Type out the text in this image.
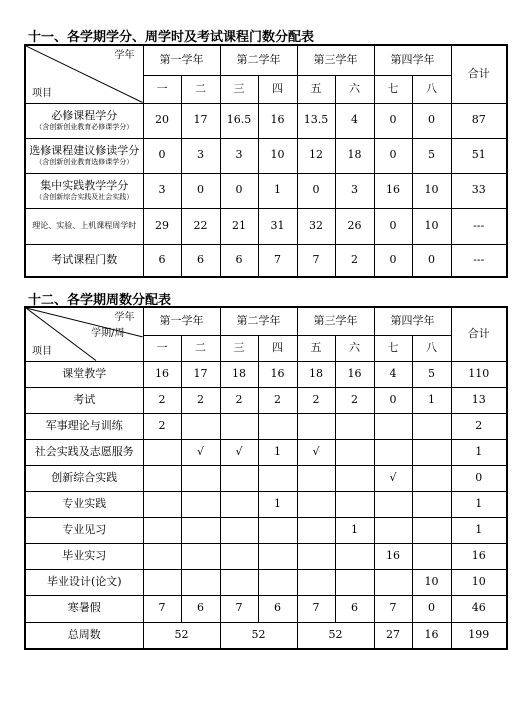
十一、各学期学分、周学时及考试课程门数分配表
学年
项目	第一学年		第二学年		第三学年		第四学年		合计
	一	二	三	四	五	六	七	八	
必修课程学分
（含创新创业教育必修课学分）	20	17	16.5	16	13.5	4	0	0	87
选修课程建议修读学分
（含创新创业教育选修课学分）	0	3	3	10	12	18	0	5	51
集中实践教学学分
（含创新综合实践及社会实践）	3	0	0	1	0	3	16	10	33
理论、实验、上机课程周学时	29	22	21	31	32	26	0	10	---
考试课程门数	6	6	6	7	7	2	0	0	---
十二、各学期周数分配表
学年
学期/周
项目	第一学年		第二学年		第三学年		第四学年		合计
	一	二	三	四	五	六	七	八	
课堂教学	16	17	18	16	18	16	4	5	110
考试	2	2	2	2	2	2	0	1	13
军事理论与训练	2								2
社会实践及志愿服务		√	√	1	√				1
创新综合实践							√		0
专业实践				1					1
专业见习						1			1
毕业实习							16		16
毕业设计(论文)								10	10
寒暑假	7	6	7	6	7	6	7	0	46
总周数	52		52		52		27	16	199
